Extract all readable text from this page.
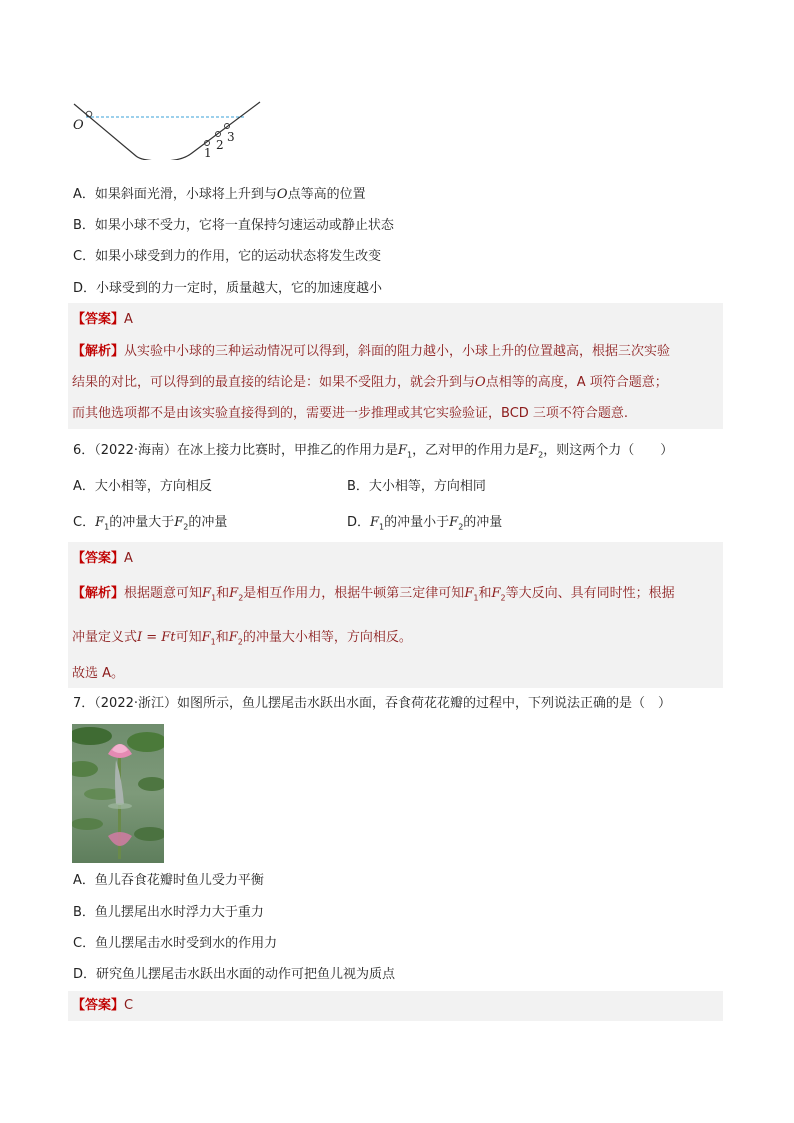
O
1
2
3
A．如果斜面光滑，小球将上升到与O点等高的位置
B．如果小球不受力，它将一直保持匀速运动或静止状态
C．如果小球受到力的作用，它的运动状态将发生改变
D．小球受到的力一定时，质量越大，它的加速度越小
【答案】A
【解析】从实验中小球的三种运动情况可以得到，斜面的阻力越小，小球上升的位置越高，根据三次实验
结果的对比，可以得到的最直接的结论是：如果不受阻力，就会升到与O点相等的高度，A 项符合题意；
而其他选项都不是由该实验直接得到的，需要进一步推理或其它实验验证，BCD 三项不符合题意.
6．（2022·海南）在冰上接力比赛时，甲推乙的作用力是$F_1$，乙对甲的作用力是$F_2$，则这两个力（　　）
A．大小相等，方向相反	B．大小相等，方向相同
C．$F_1$的冲量大于$F_2$的冲量	D．$F_1$的冲量小于$F_2$的冲量
【答案】A
【解析】根据题意可知$F_1$和$F_2$是相互作用力，根据牛顿第三定律可知$F_1$和$F_2$等大反向、具有同时性；根据
冲量定义式I = Ft可知$F_1$和$F_2$的冲量大小相等，方向相反。
故选 A。
7．（2022·浙江）如图所示，鱼儿摆尾击水跃出水面，吞食荷花花瓣的过程中，下列说法正确的是（　）
A．鱼儿吞食花瓣时鱼儿受力平衡
B．鱼儿摆尾出水时浮力大于重力
C．鱼儿摆尾击水时受到水的作用力
D．研究鱼儿摆尾击水跃出水面的动作可把鱼儿视为质点
【答案】C
